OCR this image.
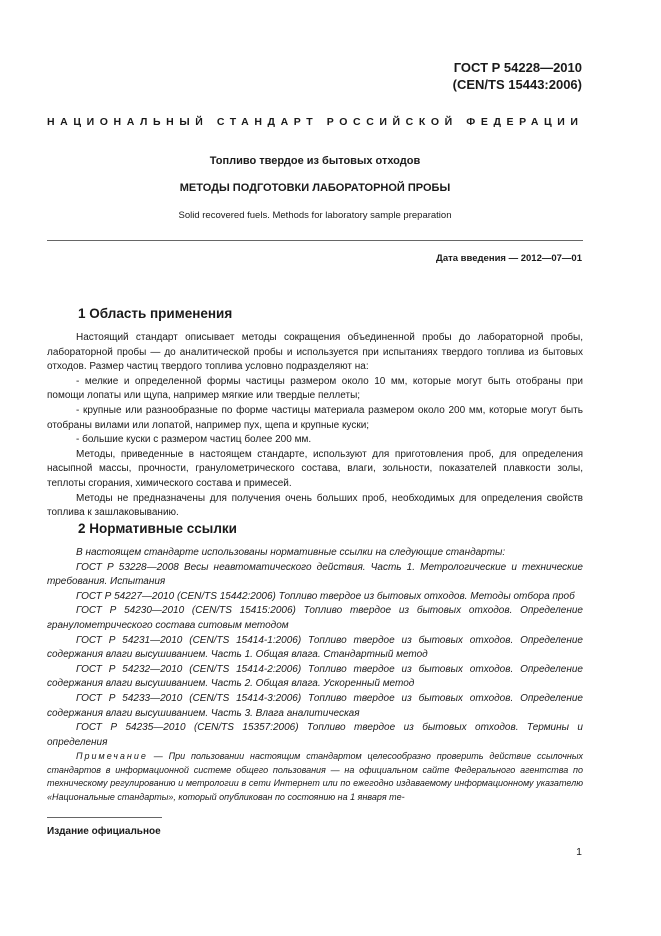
ГОСТ Р 54228—2010
(CEN/TS 15443:2006)
НАЦИОНАЛЬНЫЙ СТАНДАРТ РОССИЙСКОЙ ФЕДЕРАЦИИ
Топливо твердое из бытовых отходов
МЕТОДЫ ПОДГОТОВКИ ЛАБОРАТОРНОЙ ПРОБЫ
Solid recovered fuels. Methods for laboratory sample preparation
Дата введения — 2012—07—01
1 Область применения

Настоящий стандарт описывает методы сокращения объединенной пробы до лабораторной пробы, лабораторной пробы — до аналитической пробы и используется при испытаниях твердого топлива из бытовых отходов. Размер частиц твердого топлива условно подразделяют на:

- мелкие и определенной формы частицы размером около 10 мм, которые могут быть отобраны при помощи лопаты или щупа, например мягкие или твердые пеллеты;

- крупные или разнообразные по форме частицы материала размером около 200 мм, которые могут быть отобраны вилами или лопатой, например пух, щепа и крупные куски;

- большие куски с размером частиц более 200 мм.

Методы, приведенные в настоящем стандарте, используют для приготовления проб, для определения насыпной массы, прочности, гранулометрического состава, влаги, зольности, показателей плавкости золы, теплоты сгорания, химического состава и примесей.

Методы не предназначены для получения очень больших проб, необходимых для определения свойств топлива к зашлаковыванию.

2 Нормативные ссылки

В настоящем стандарте использованы нормативные ссылки на следующие стандарты:

ГОСТ Р 53228—2008 Весы неавтоматического действия. Часть 1. Метрологические и технические требования. Испытания

ГОСТ Р 54227—2010 (CEN/TS 15442:2006) Топливо твердое из бытовых отходов. Методы отбора проб

ГОСТ Р 54230—2010 (CEN/TS 15415:2006) Топливо твердое из бытовых отходов. Определение гранулометрического состава ситовым методом

ГОСТ Р 54231—2010 (CEN/TS 15414-1:2006) Топливо твердое из бытовых отходов. Определение содержания влаги высушиванием. Часть 1. Общая влага. Стандартный метод

ГОСТ Р 54232—2010 (CEN/TS 15414-2:2006) Топливо твердое из бытовых отходов. Определение содержания влаги высушиванием. Часть 2. Общая влага. Ускоренный метод

ГОСТ Р 54233—2010 (CEN/TS 15414-3:2006) Топливо твердое из бытовых отходов. Определение содержания влаги высушиванием. Часть 3. Влага аналитическая

ГОСТ Р 54235—2010 (CEN/TS 15357:2006) Топливо твердое из бытовых отходов. Термины и определения

Примечание — При пользовании настоящим стандартом целесообразно проверить действие ссылочных стандартов в информационной системе общего пользования — на официальном сайте Федерального агентства по техническому регулированию и метрологии в сети Интернет или по ежегодно издаваемому информационному указателю «Национальные стандарты», который опубликован по состоянию на 1 января те-

Издание официальное
1
